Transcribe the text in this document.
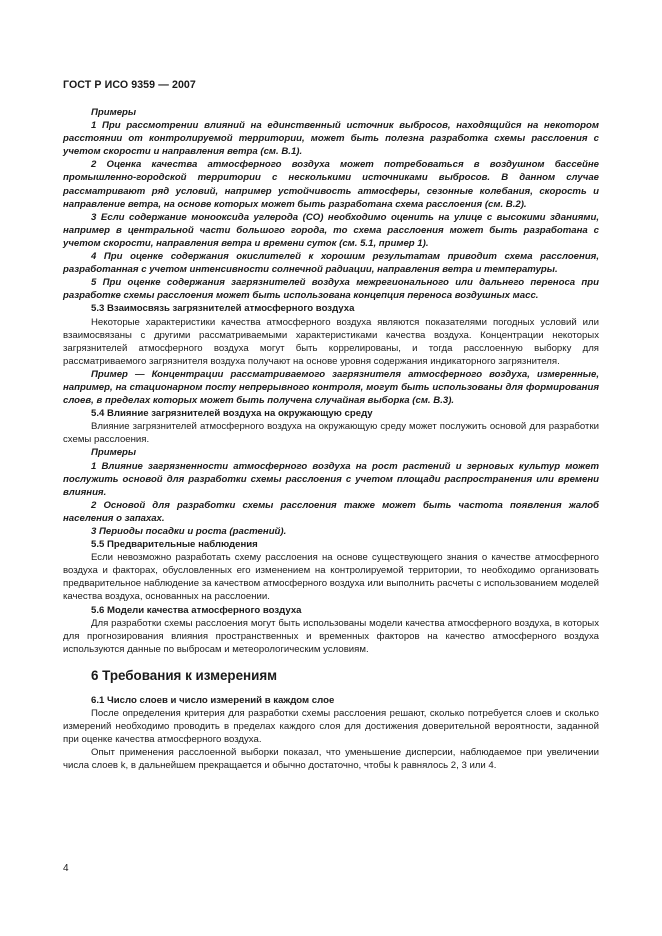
ГОСТ Р ИСО 9359 — 2007

Примеры

1 При рассмотрении влияний на единственный источник выбросов, находящийся на некотором расстоянии от контролируемой территории, может быть полезна разработка схемы расслоения с учетом скорости и направления ветра (см. В.1).

2 Оценка качества атмосферного воздуха может потребоваться в воздушном бассейне промышленно-городской территории с несколькими источниками выбросов. В данном случае рассматривают ряд условий, например устойчивость атмосферы, сезонные колебания, скорость и направление ветра, на основе которых может быть разработана схема расслоения (см. В.2).

3 Если содержание монооксида углерода (СО) необходимо оценить на улице с высокими зданиями, например в центральной части большого города, то схема расслоения может быть разработана с учетом скорости, направления ветра и времени суток (см. 5.1, пример 1).

4 При оценке содержания окислителей к хорошим результатам приводит схема расслоения, разработанная с учетом интенсивности солнечной радиации, направления ветра и температуры.

5 При оценке содержания загрязнителей воздуха межрегионального или дальнего переноса при разработке схемы расслоения может быть использована концепция переноса воздушных масс.

5.3 Взаимосвязь загрязнителей атмосферного воздуха

Некоторые характеристики качества атмосферного воздуха являются показателями погодных условий или взаимосвязаны с другими рассматриваемыми характеристиками качества воздуха. Концентрации некоторых загрязнителей атмосферного воздуха могут быть коррелированы, и тогда расслоенную выборку для рассматриваемого загрязнителя воздуха получают на основе уровня содержания индикаторного загрязнителя.

Пример — Концентрации рассматриваемого загрязнителя атмосферного воздуха, измеренные, например, на стационарном посту непрерывного контроля, могут быть использованы для формирования слоев, в пределах которых может быть получена случайная выборка (см. В.3).

5.4 Влияние загрязнителей воздуха на окружающую среду

Влияние загрязнителей атмосферного воздуха на окружающую среду может послужить основой для разработки схемы расслоения.

Примеры

1 Влияние загрязненности атмосферного воздуха на рост растений и зерновых культур может послужить основой для разработки схемы расслоения с учетом площади распространения или времени влияния.

2 Основой для разработки схемы расслоения также может быть частота появления жалоб населения о запахах.

3 Периоды посадки и роста (растений).

5.5 Предварительные наблюдения

Если невозможно разработать схему расслоения на основе существующего знания о качестве атмосферного воздуха и факторах, обусловленных его изменением на контролируемой территории, то необходимо организовать предварительное наблюдение за качеством атмосферного воздуха или выполнить расчеты с использованием моделей качества воздуха, основанных на расслоении.

5.6 Модели качества атмосферного воздуха

Для разработки схемы расслоения могут быть использованы модели качества атмосферного воздуха, в которых для прогнозирования влияния пространственных и временных факторов на качество атмосферного воздуха используются данные по выбросам и метеорологическим условиям.

6 Требования к измерениям

6.1 Число слоев и число измерений в каждом слое

После определения критерия для разработки схемы расслоения решают, сколько потребуется слоев и сколько измерений необходимо проводить в пределах каждого слоя для достижения доверительной вероятности, заданной при оценке качества атмосферного воздуха.

Опыт применения расслоенной выборки показал, что уменьшение дисперсии, наблюдаемое при увеличении числа слоев k, в дальнейшем прекращается и обычно достаточно, чтобы k равнялось 2, 3 или 4.

4
